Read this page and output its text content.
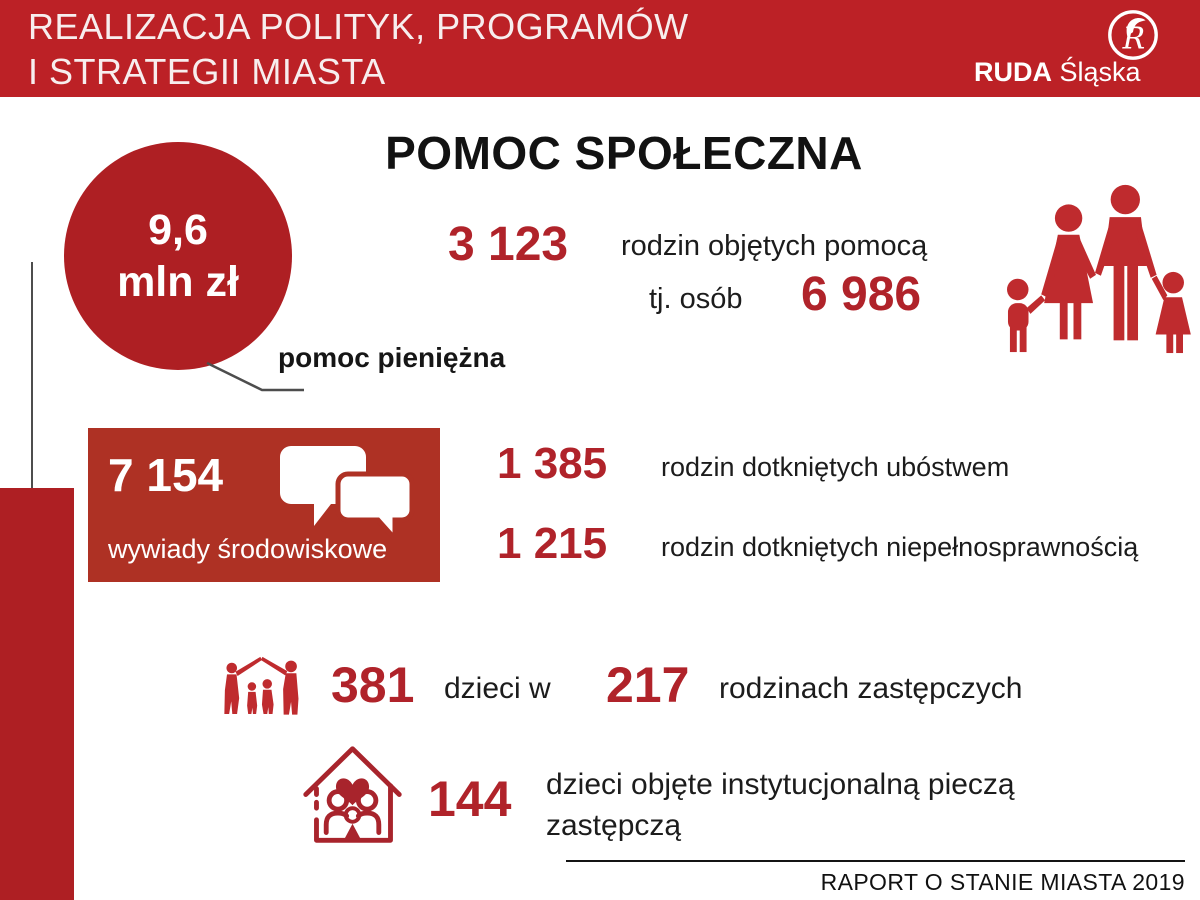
REALIZACJA POLITYK, PROGRAMÓW
I STRATEGII MIASTA	RUDA Śląska
R
POMOC SPOŁECZNA
9,6
mln zł
pomoc pieniężna
3 123 rodzin objętych pomocą
tj. osób 6 986
7 154
wywiady środowiskowe
1 385 rodzin dotkniętych ubóstwem
1 215 rodzin dotkniętych niepełnosprawnością
381 dzieci w 217 rodzinach zastępczych
144 dzieci objęte instytucjonalną pieczą
zastępczą
RAPORT O STANIE MIASTA 2019
